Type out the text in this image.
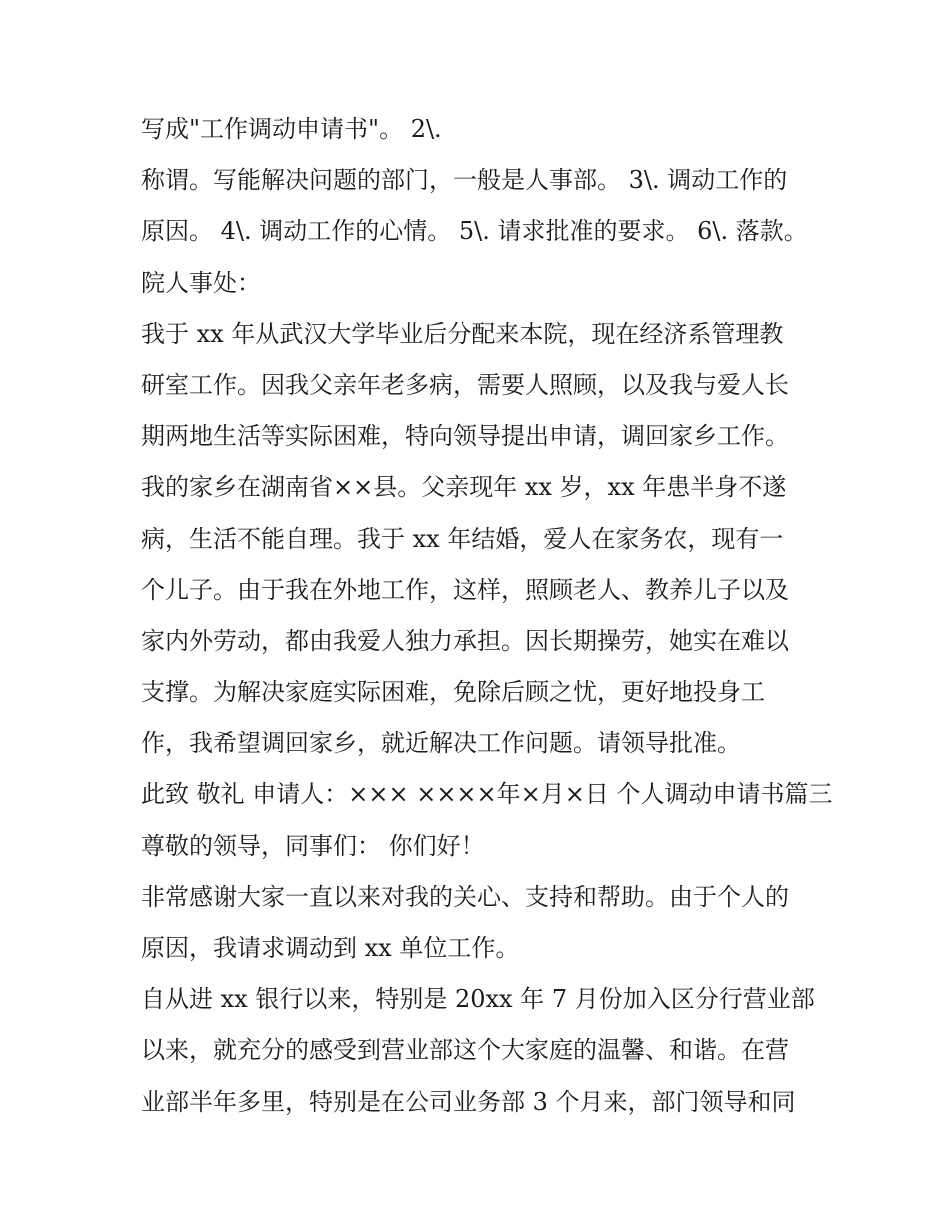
写成"工作调动申请书"。 2\.
称谓。写能解决问题的部门，一般是人事部。 3\. 调动工作的
原因。 4\. 调动工作的心情。 5\. 请求批准的要求。 6\. 落款。
院人事处：
我于 xx 年从武汉大学毕业后分配来本院，现在经济系管理教
研室工作。因我父亲年老多病，需要人照顾，以及我与爱人长
期两地生活等实际困难，特向领导提出申请，调回家乡工作。
我的家乡在湖南省××县。父亲现年 xx 岁，xx 年患半身不遂
病，生活不能自理。我于 xx 年结婚，爱人在家务农，现有一
个儿子。由于我在外地工作，这样，照顾老人、教养儿子以及
家内外劳动，都由我爱人独力承担。因长期操劳，她实在难以
支撑。为解决家庭实际困难，免除后顾之忧，更好地投身工
作，我希望调回家乡，就近解决工作问题。请领导批准。
此致 敬礼 申请人：××× ××××年×月×日 个人调动申请书篇三
尊敬的领导，同事们： 你们好！
非常感谢大家一直以来对我的关心、支持和帮助。由于个人的
原因，我请求调动到 xx 单位工作。
自从进 xx 银行以来，特别是 20xx 年 7 月份加入区分行营业部
以来，就充分的感受到营业部这个大家庭的温馨、和谐。在营
业部半年多里，特别是在公司业务部 3 个月来，部门领导和同
